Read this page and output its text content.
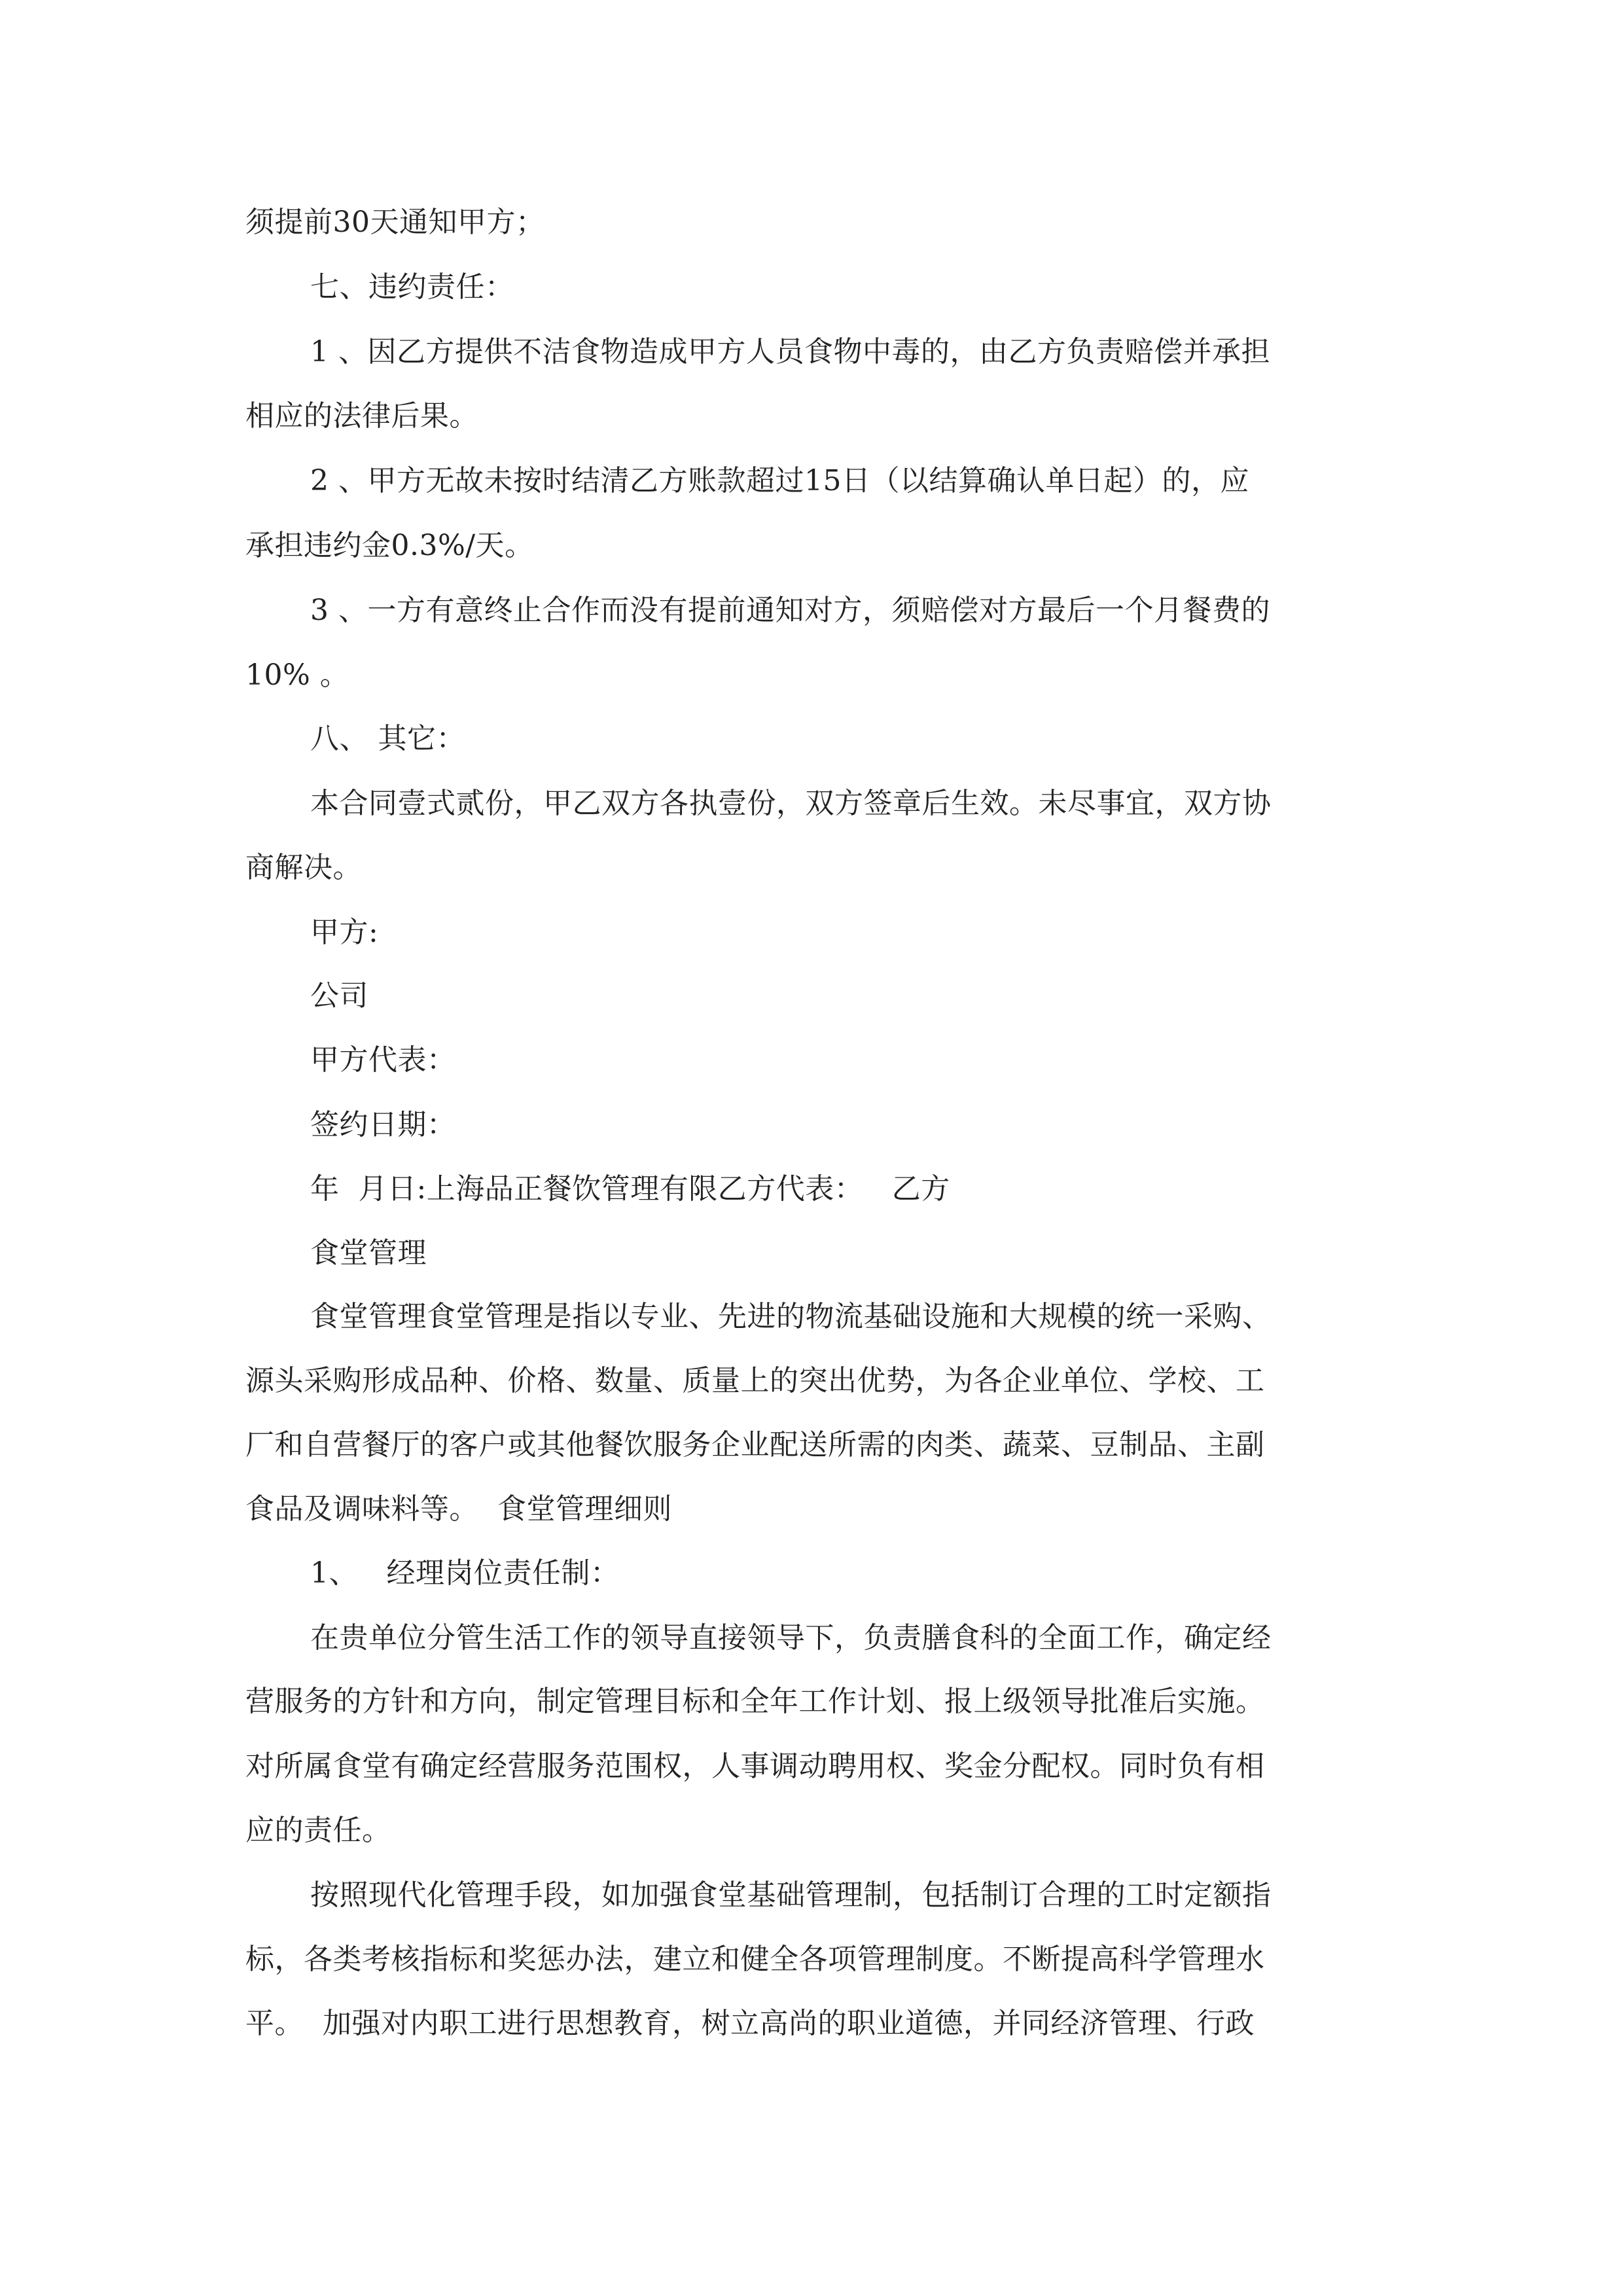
须提前30天通知甲方；
七、违约责任：
1 、因乙方提供不洁食物造成甲方人员食物中毒的，由乙方负责赔偿并承担
相应的法律后果。
2 、甲方无故未按时结清乙方账款超过15日（以结算确认单日起）的，应
承担违约金0.3%/天。
3 、一方有意终止合作而没有提前通知对方，须赔偿对方最后一个月餐费的
10% 。
八、 其它：
本合同壹式贰份，甲乙双方各执壹份，双方签章后生效。未尽事宜，双方协
商解决。
甲方:
公司
甲方代表：
签约日期：
年  月日:上海品正餐饮管理有限乙方代表：   乙方
食堂管理
食堂管理食堂管理是指以专业、先进的物流基础设施和大规模的统一采购、
源头采购形成品种、价格、数量、质量上的突出优势，为各企业单位、学校、工
厂和自营餐厅的客户或其他餐饮服务企业配送所需的肉类、蔬菜、豆制品、主副
食品及调味料等。  食堂管理细则
1、   经理岗位责任制：
在贵单位分管生活工作的领导直接领导下，负责膳食科的全面工作，确定经
营服务的方针和方向，制定管理目标和全年工作计划、报上级领导批准后实施。
对所属食堂有确定经营服务范围权，人事调动聘用权、奖金分配权。同时负有相
应的责任。
按照现代化管理手段，如加强食堂基础管理制，包括制订合理的工时定额指
标，各类考核指标和奖惩办法，建立和健全各项管理制度。不断提高科学管理水
平。  加强对内职工进行思想教育，树立高尚的职业道德，并同经济管理、行政
